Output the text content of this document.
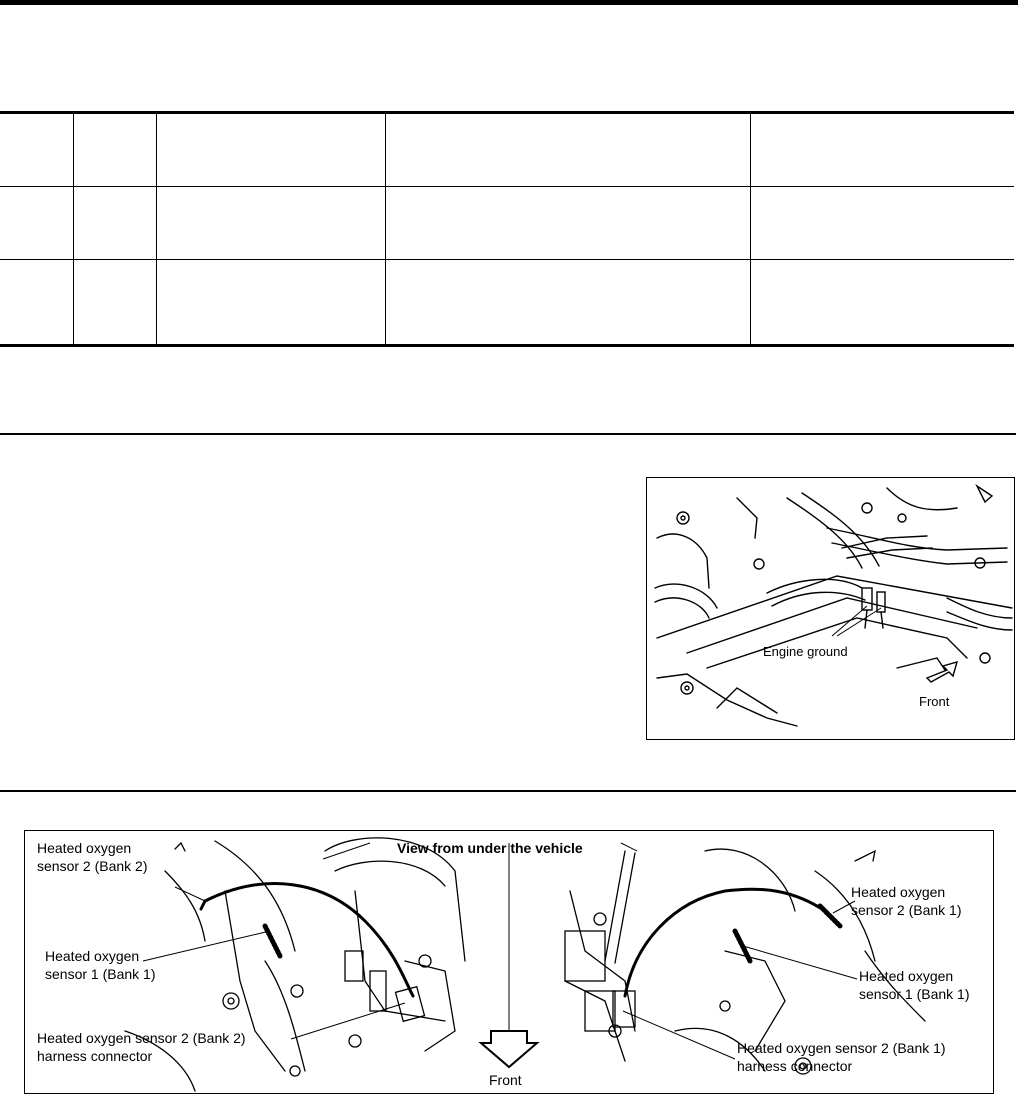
Engine ground
Front
View from under the vehicle
Heated oxygen
sensor 2 (Bank 2)
Heated oxygen
sensor 1 (Bank 1)
Heated oxygen sensor 2 (Bank 2)
harness connector
Front
Heated oxygen
sensor 2 (Bank 1)
Heated oxygen
sensor 1 (Bank 1)
Heated oxygen sensor 2 (Bank 1)
harness connector
